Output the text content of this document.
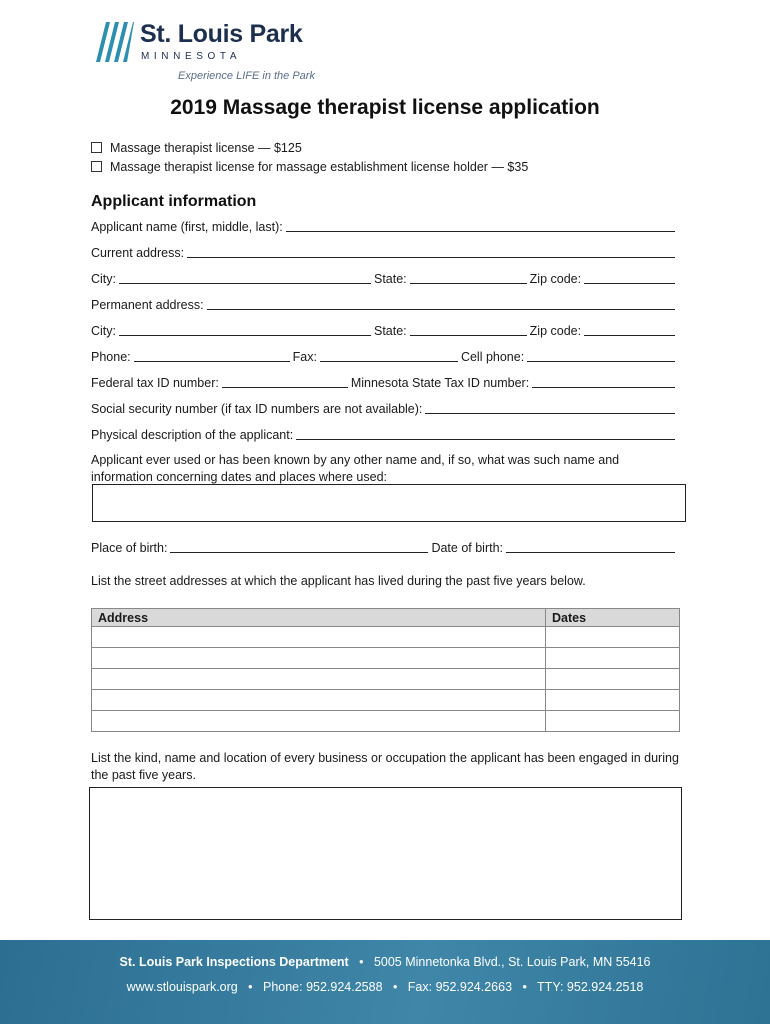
St. Louis Park
MINNESOTA
Experience LIFE in the Park
2019 Massage therapist license application
Massage therapist license — $125
Massage therapist license for massage establishment license holder — $35
Applicant information
Applicant name (first, middle, last):
Current address:
City:	State:	Zip code:
Permanent address:
City:	State:	Zip code:
Phone:	Fax:	Cell phone:
Federal tax ID number:	Minnesota State Tax ID number:
Social security number (if tax ID numbers are not available):
Physical description of the applicant:
Applicant ever used or has been known by any other name and, if so, what was such name and information concerning dates and places where used:
Place of birth:	Date of birth:
List the street addresses at which the applicant has lived during the past five years below.
Address	Dates

List the kind, name and location of every business or occupation the applicant has been engaged in during the past five years.
St. Louis Park Inspections Department • 5005 Minnetonka Blvd., St. Louis Park, MN 55416
www.stlouispark.org • Phone: 952.924.2588 • Fax: 952.924.2663 • TTY: 952.924.2518
